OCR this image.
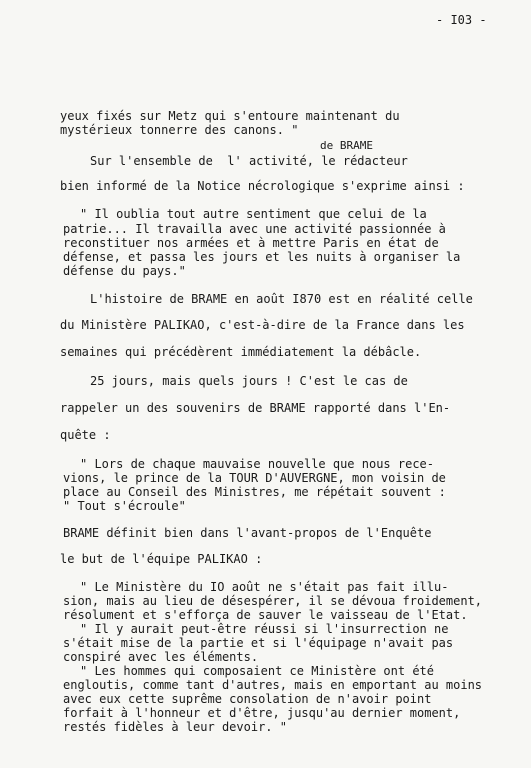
- I03 -
de BRAME
yeux fixés sur Metz qui s'entoure maintenant du
mystérieux tonnerre des canons. "
Sur l'ensemble de  l' activité, le rédacteur
bien informé de la Notice nécrologique s'exprime ainsi :
" Il oublia tout autre sentiment que celui de la
patrie... Il travailla avec une activité passionnée à
reconstituer nos armées et à mettre Paris en état de
défense, et passa les jours et les nuits à organiser la
défense du pays."
L'histoire de BRAME en août I870 est en réalité celle
du Ministère PALIKAO, c'est-à-dire de la France dans les
semaines qui précédèrent immédiatement la débâcle.
25 jours, mais quels jours ! C'est le cas de
rappeler un des souvenirs de BRAME rapporté dans l'En-
quête :
" Lors de chaque mauvaise nouvelle que nous rece-
vions, le prince de la TOUR D'AUVERGNE, mon voisin de
place au Conseil des Ministres, me répétait souvent :
" Tout s'écroule"
BRAME définit bien dans l'avant-propos de l'Enquête
le but de l'équipe PALIKAO :
" Le Ministère du IO août ne s'était pas fait illu-
sion, mais au lieu de désespérer, il se dévoua froidement,
résolument et s'efforça de sauver le vaisseau de l'Etat.
" Il y aurait peut-être réussi si l'insurrection ne
s'était mise de la partie et si l'équipage n'avait pas
conspiré avec les éléments.
" Les hommes qui composaient ce Ministère ont été
engloutis, comme tant d'autres, mais en emportant au moins
avec eux cette suprême consolation de n'avoir point
forfait à l'honneur et d'être, jusqu'au dernier moment,
restés fidèles à leur devoir. "
